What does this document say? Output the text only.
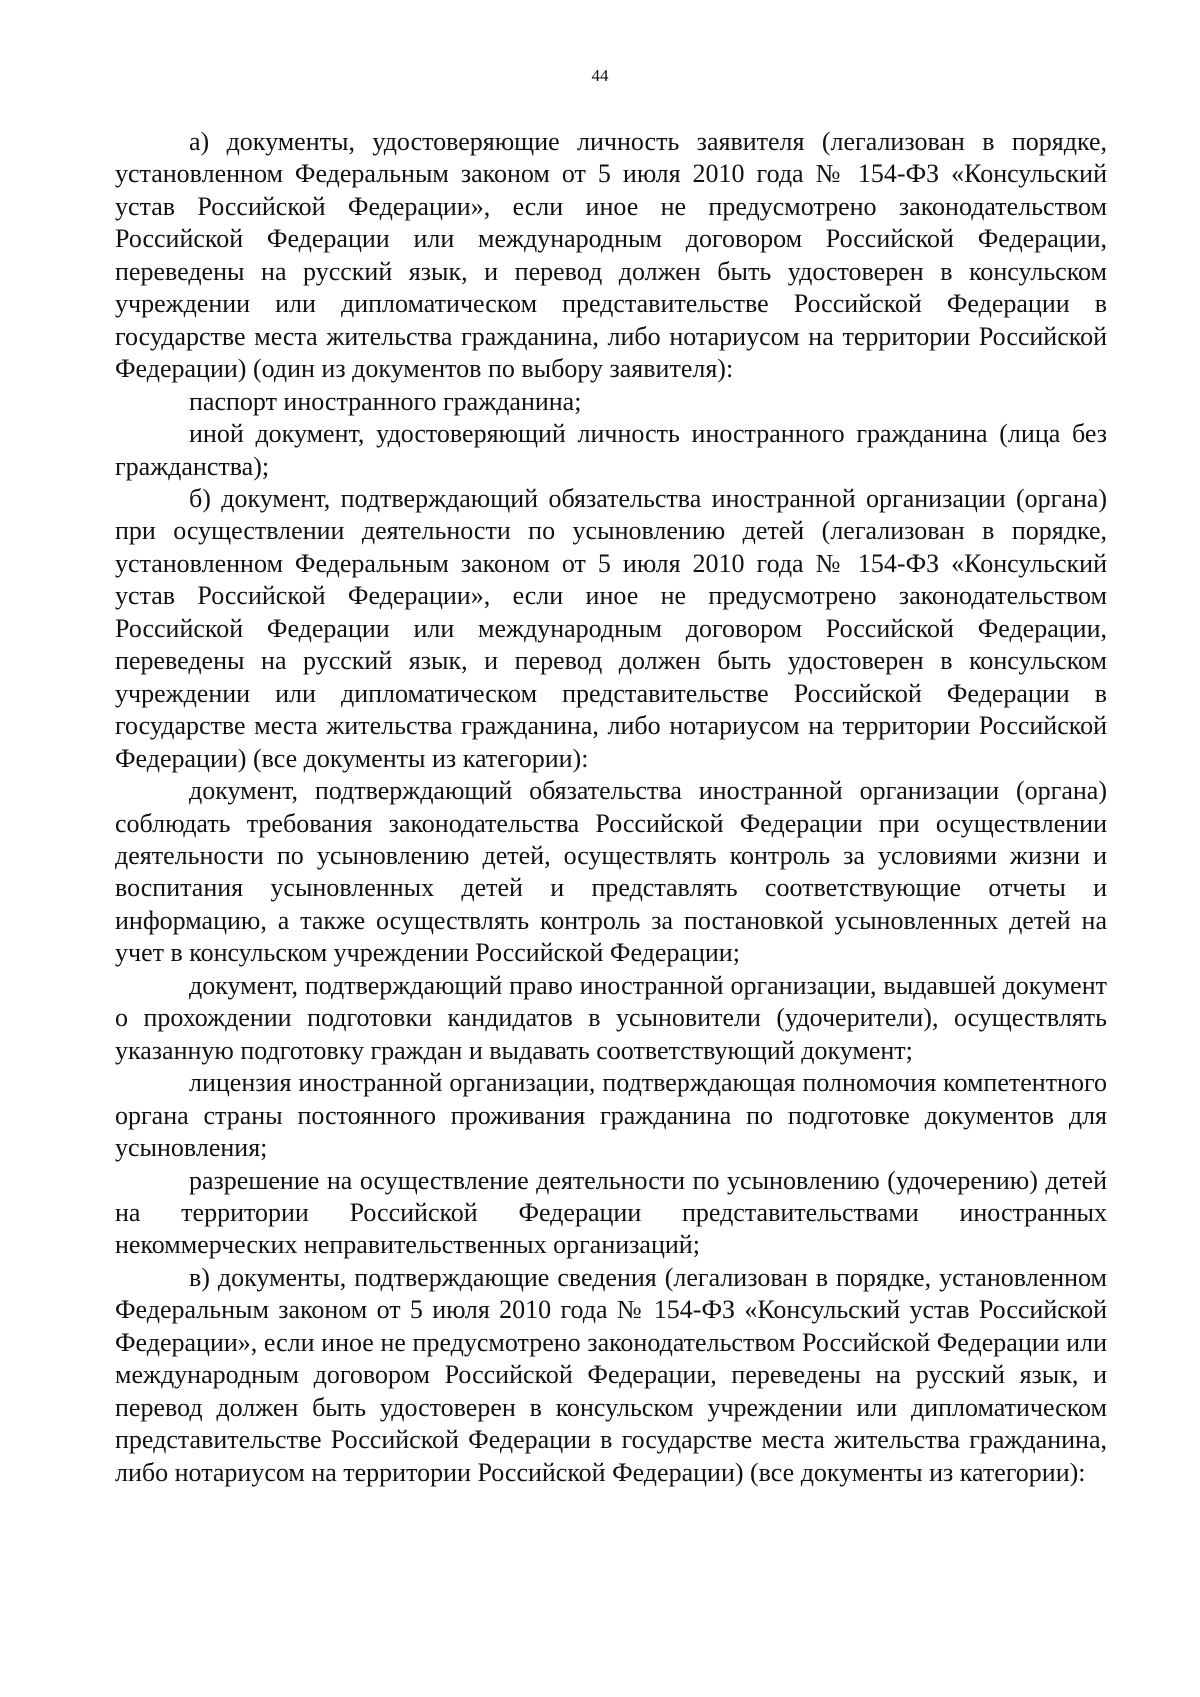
44

а) документы, удостоверяющие личность заявителя (легализован в порядке, установленном Федеральным законом от 5 июля 2010 года № 154-ФЗ «Консульский устав Российской Федерации», если иное не предусмотрено законодательством Российской Федерации или международным договором Российской Федерации, переведены на русский язык, и перевод должен быть удостоверен в консульском учреждении или дипломатическом представительстве Российской Федерации в государстве места жительства гражданина, либо нотариусом на территории Российской Федерации) (один из документов по выбору заявителя):

паспорт иностранного гражданина;

иной документ, удостоверяющий личность иностранного гражданина (лица без гражданства);

б) документ, подтверждающий обязательства иностранной организации (органа) при осуществлении деятельности по усыновлению детей (легализован в порядке, установленном Федеральным законом от 5 июля 2010 года № 154-ФЗ «Консульский устав Российской Федерации», если иное не предусмотрено законодательством Российской Федерации или международным договором Российской Федерации, переведены на русский язык, и перевод должен быть удостоверен в консульском учреждении или дипломатическом представительстве Российской Федерации в государстве места жительства гражданина, либо нотариусом на территории Российской Федерации) (все документы из категории):

документ, подтверждающий обязательства иностранной организации (органа) соблюдать требования законодательства Российской Федерации при осуществлении деятельности по усыновлению детей, осуществлять контроль за условиями жизни и воспитания усыновленных детей и представлять соответствующие отчеты и информацию, а также осуществлять контроль за постановкой усыновленных детей на учет в консульском учреждении Российской Федерации;

документ, подтверждающий право иностранной организации, выдавшей документ о прохождении подготовки кандидатов в усыновители (удочерители), осуществлять указанную подготовку граждан и выдавать соответствующий документ;

лицензия иностранной организации, подтверждающая полномочия компетентного органа страны постоянного проживания гражданина по подготовке документов для усыновления;

разрешение на осуществление деятельности по усыновлению (удочерению) детей на территории Российской Федерации представительствами иностранных некоммерческих неправительственных организаций;

в) документы, подтверждающие сведения (легализован в порядке, установленном Федеральным законом от 5 июля 2010 года № 154-ФЗ «Консульский устав Российской Федерации», если иное не предусмотрено законодательством Российской Федерации или международным договором Российской Федерации, переведены на русский язык, и перевод должен быть удостоверен в консульском учреждении или дипломатическом представительстве Российской Федерации в государстве места жительства гражданина, либо нотариусом на территории Российской Федерации) (все документы из категории):
